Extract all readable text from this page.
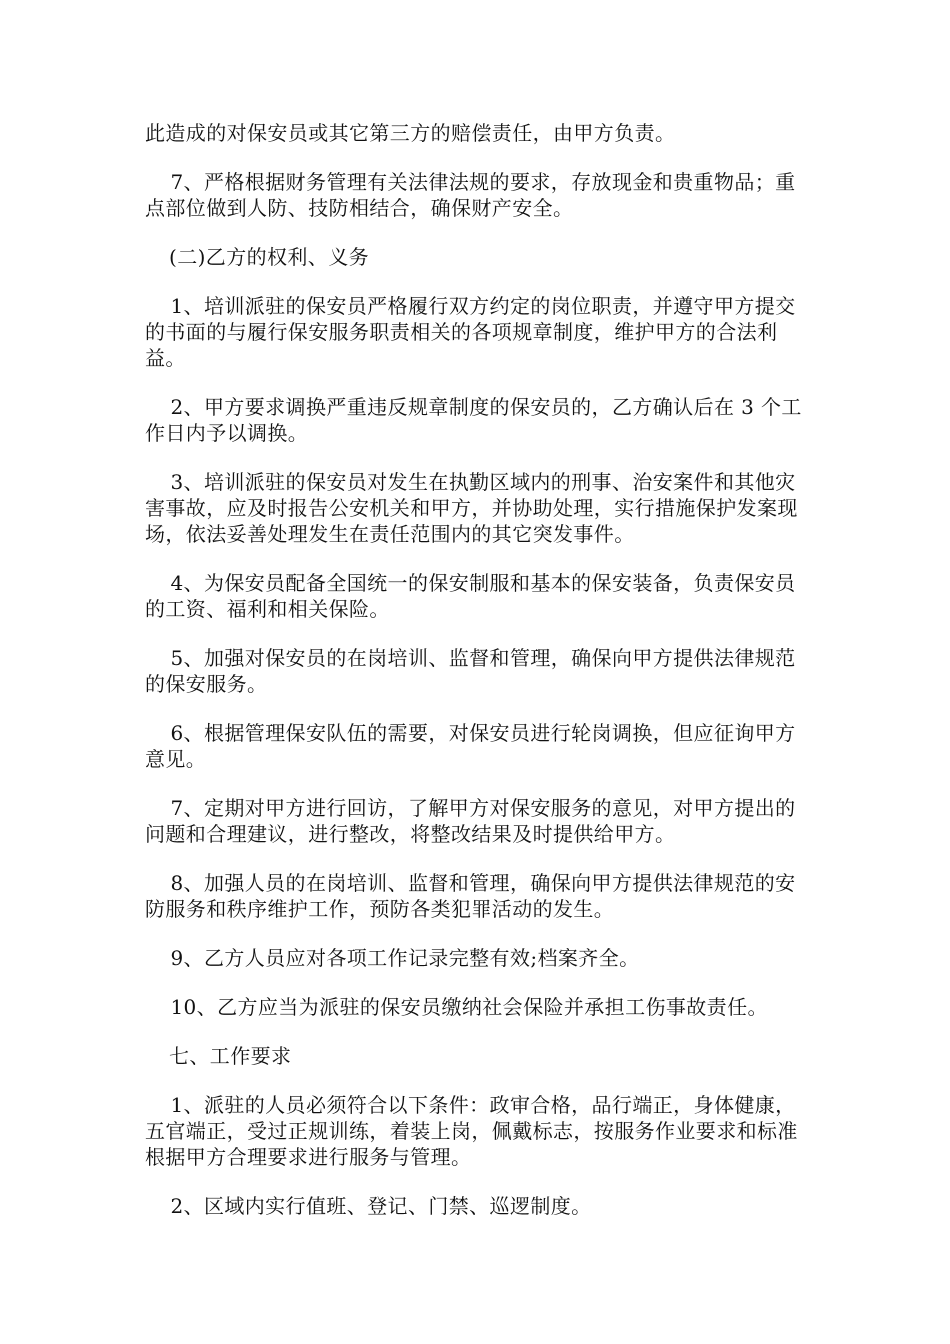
此造成的对保安员或其它第三方的赔偿责任，由甲方负责。

7、严格根据财务管理有关法律法规的要求，存放现金和贵重物品；重点部位做到人防、技防相结合，确保财产安全。

(二)乙方的权利、义务

1、培训派驻的保安员严格履行双方约定的岗位职责，并遵守甲方提交的书面的与履行保安服务职责相关的各项规章制度，维护甲方的合法利益。

2、甲方要求调换严重违反规章制度的保安员的，乙方确认后在 3 个工作日内予以调换。

3、培训派驻的保安员对发生在执勤区域内的刑事、治安案件和其他灾害事故，应及时报告公安机关和甲方，并协助处理，实行措施保护发案现场，依法妥善处理发生在责任范围内的其它突发事件。

4、为保安员配备全国统一的保安制服和基本的保安装备，负责保安员的工资、福利和相关保险。

5、加强对保安员的在岗培训、监督和管理，确保向甲方提供法律规范的保安服务。

6、根据管理保安队伍的需要，对保安员进行轮岗调换，但应征询甲方意见。

7、定期对甲方进行回访，了解甲方对保安服务的意见，对甲方提出的问题和合理建议，进行整改，将整改结果及时提供给甲方。

8、加强人员的在岗培训、监督和管理，确保向甲方提供法律规范的安防服务和秩序维护工作，预防各类犯罪活动的发生。

9、乙方人员应对各项工作记录完整有效;档案齐全。

10、乙方应当为派驻的保安员缴纳社会保险并承担工伤事故责任。

七、工作要求

1、派驻的人员必须符合以下条件：政审合格，品行端正，身体健康，五官端正，受过正规训练，着装上岗，佩戴标志，按服务作业要求和标准根据甲方合理要求进行服务与管理。

2、区域内实行值班、登记、门禁、巡逻制度。
